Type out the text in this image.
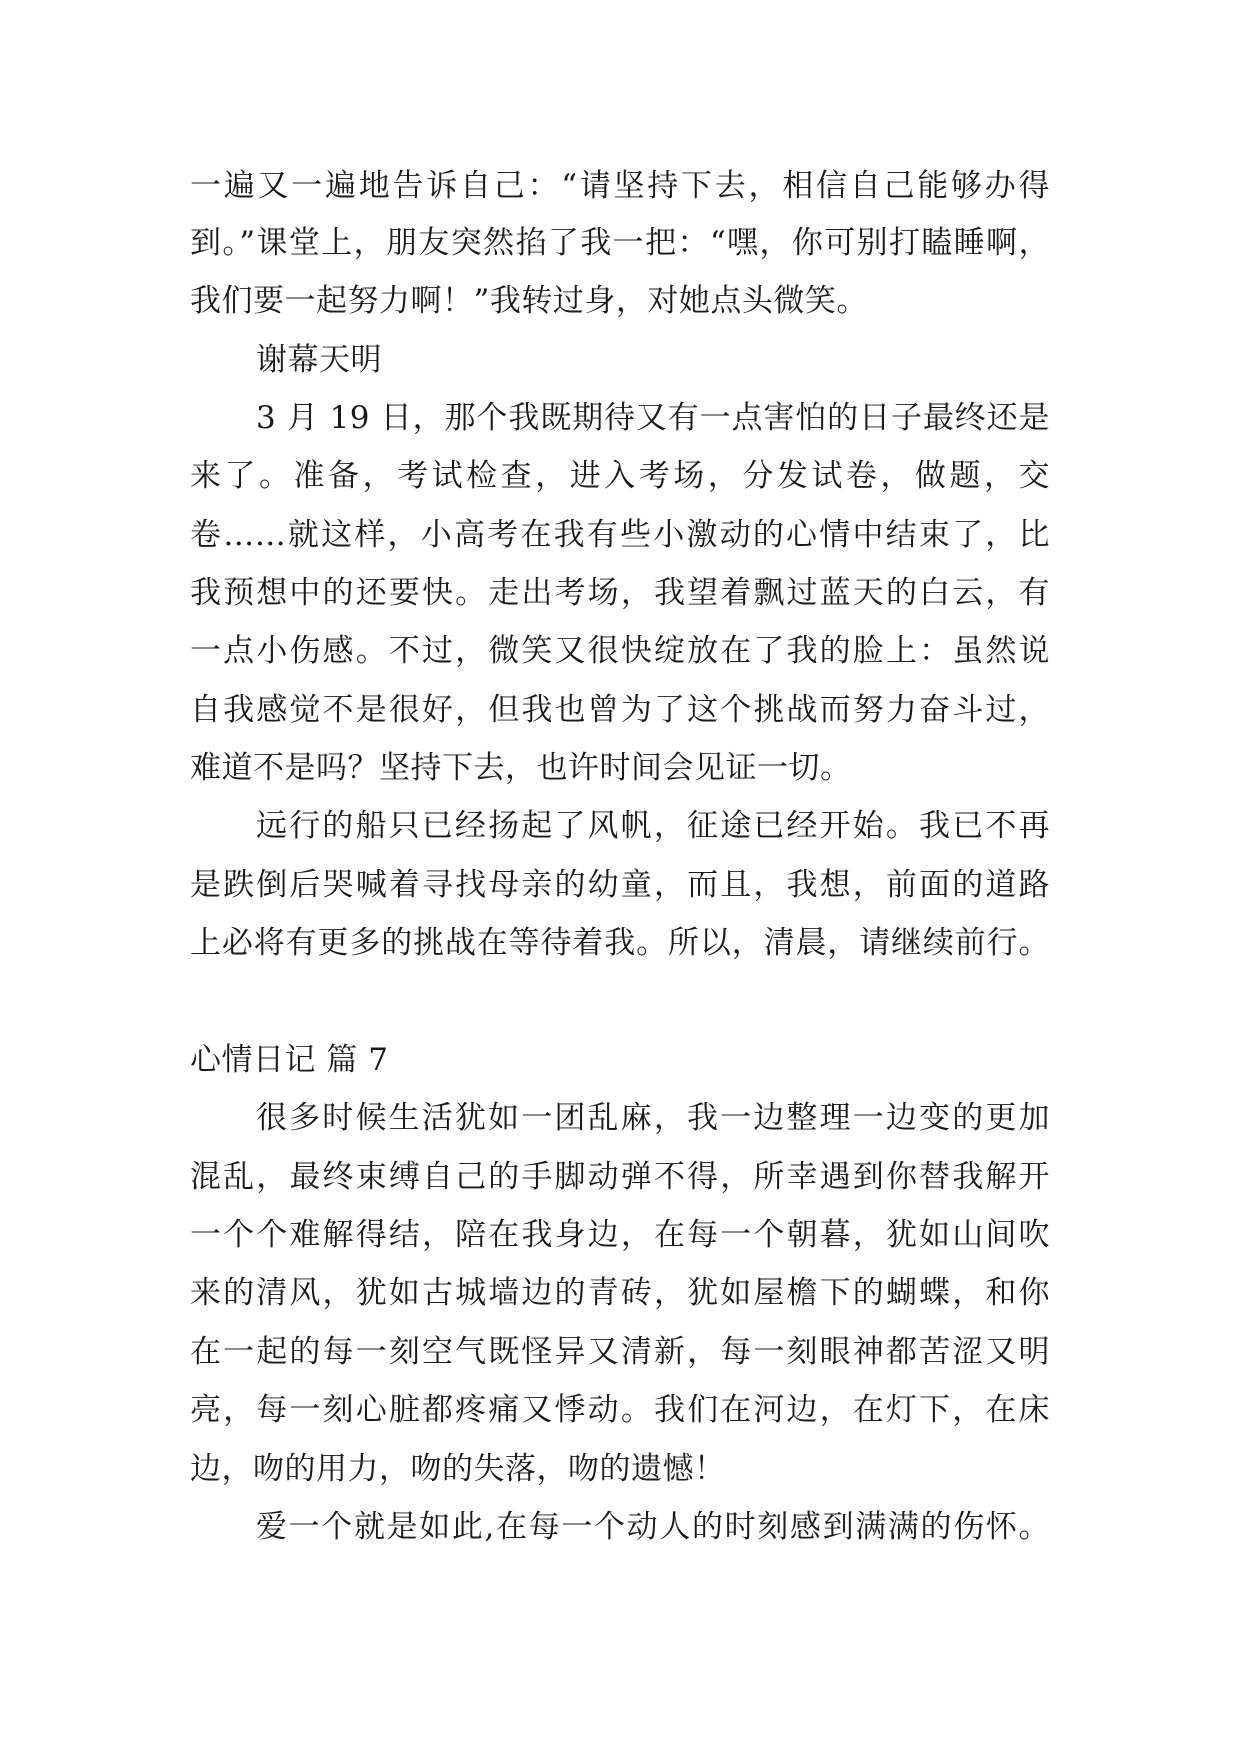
一遍又一遍地告诉自己：“请坚持下去，相信自己能够办得
到。”课堂上，朋友突然掐了我一把：“嘿，你可别打瞌睡啊，
我们要一起努力啊！”我转过身，对她点头微笑。
谢幕天明
3 月 19 日，那个我既期待又有一点害怕的日子最终还是
来了。准备，考试检查，进入考场，分发试卷，做题，交
卷……就这样，小高考在我有些小激动的心情中结束了，比
我预想中的还要快。走出考场，我望着飘过蓝天的白云，有
一点小伤感。不过，微笑又很快绽放在了我的脸上：虽然说
自我感觉不是很好，但我也曾为了这个挑战而努力奋斗过，
难道不是吗？坚持下去，也许时间会见证一切。
远行的船只已经扬起了风帆，征途已经开始。我已不再
是跌倒后哭喊着寻找母亲的幼童，而且，我想，前面的道路
上必将有更多的挑战在等待着我。所以，清晨，请继续前行。
心情日记 篇 7
很多时候生活犹如一团乱麻，我一边整理一边变的更加
混乱，最终束缚自己的手脚动弹不得，所幸遇到你替我解开
一个个难解得结，陪在我身边，在每一个朝暮，犹如山间吹
来的清风，犹如古城墙边的青砖，犹如屋檐下的蝴蝶，和你
在一起的每一刻空气既怪异又清新，每一刻眼神都苦涩又明
亮，每一刻心脏都疼痛又悸动。我们在河边，在灯下，在床
边，吻的用力，吻的失落，吻的遗憾！
爱一个就是如此,在每一个动人的时刻感到满满的伤怀。
